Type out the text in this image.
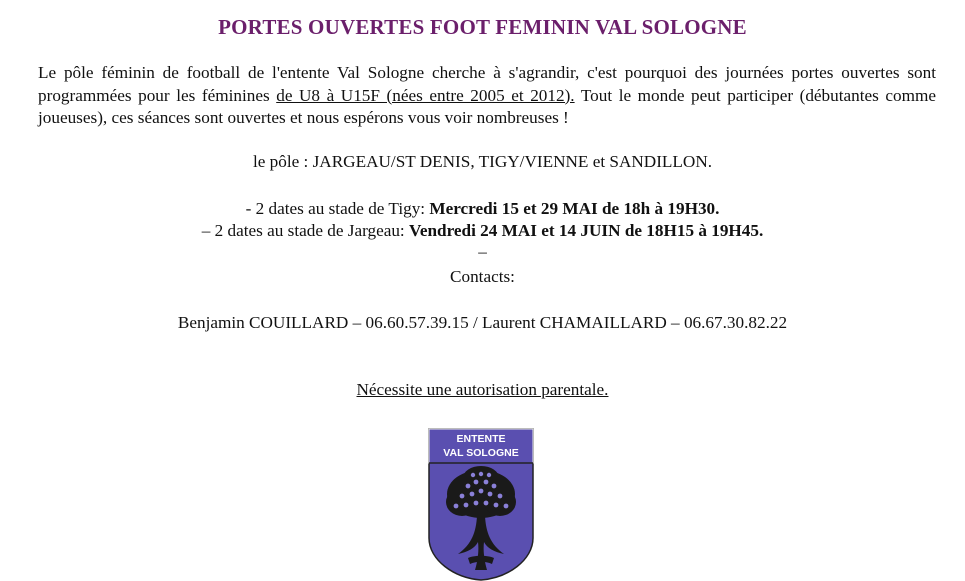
PORTES OUVERTES FOOT FEMININ VAL SOLOGNE

Le pôle féminin de football de l'entente Val Sologne cherche à s'agrandir, c'est pourquoi des journées portes ouvertes sont programmées pour les féminines de U8 à U15F (nées entre 2005 et 2012). Tout le monde peut participer (débutantes comme joueuses), ces séances sont ouvertes et nous espérons vous voir nombreuses !

le pôle : JARGEAU/ST DENIS, TIGY/VIENNE et SANDILLON.
- 2 dates au stade de Tigy: Mercredi 15 et 29 MAI de 18h à 19H30.
– 2 dates au stade de Jargeau: Vendredi 24 MAI et 14 JUIN de 18H15 à 19H45.
–
Contacts:
Benjamin COUILLARD – 06.60.57.39.15 / Laurent CHAMAILLARD – 06.67.30.82.22
Nécessite une autorisation parentale.
ENTENTE
VAL SOLOGNE
